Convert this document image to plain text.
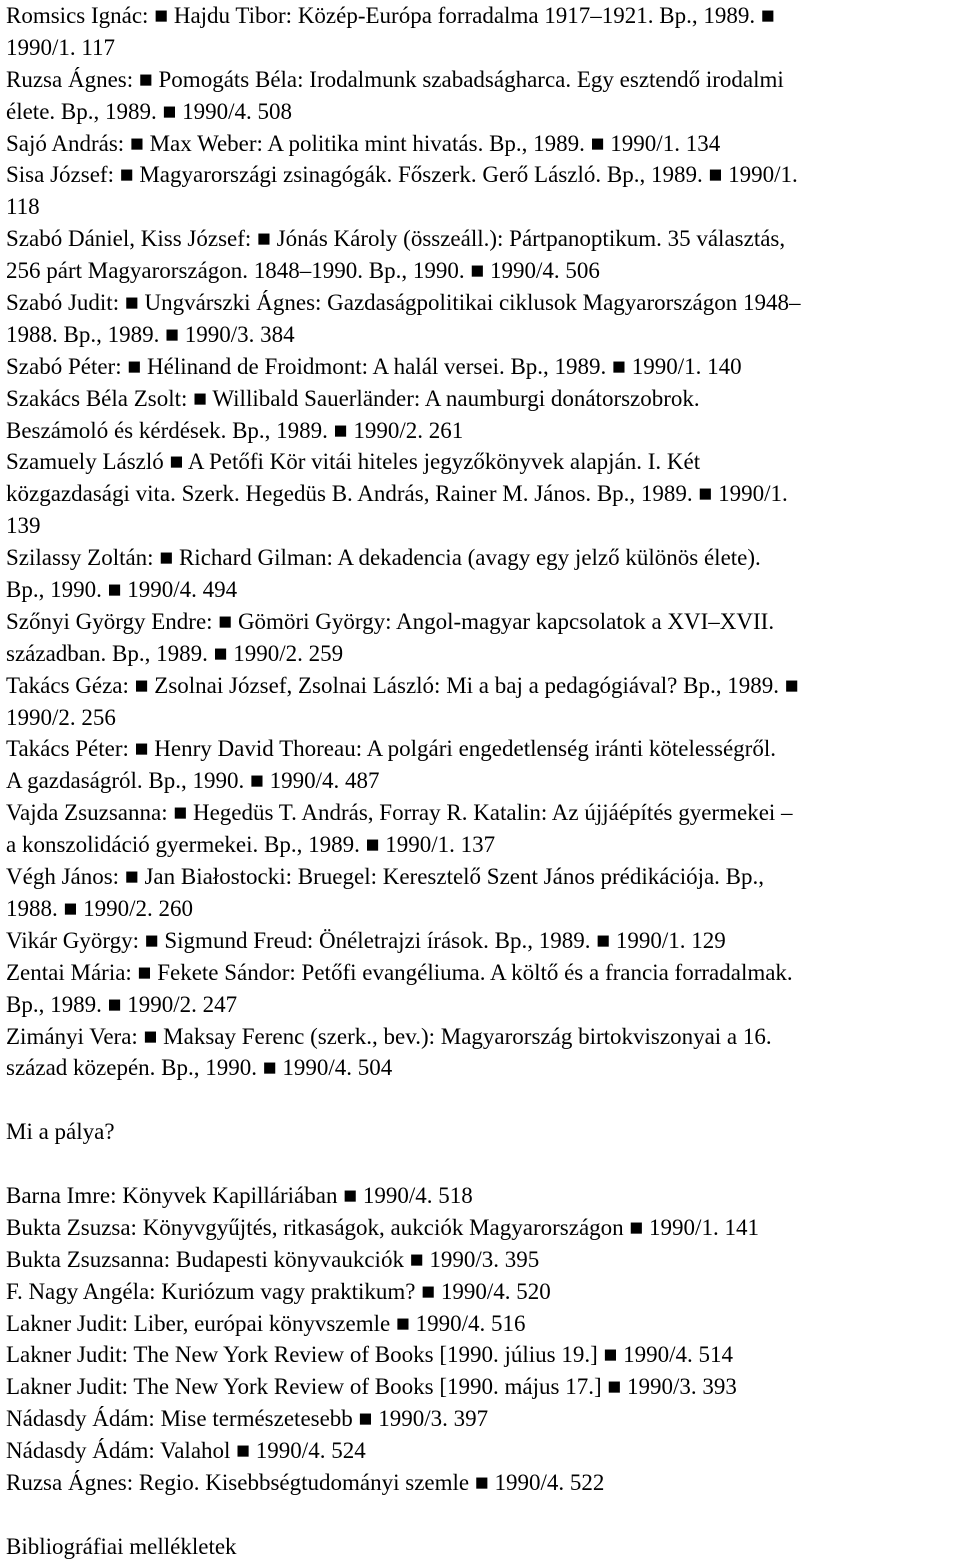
Romsics Ignác: ■ Hajdu Tibor: Közép-Európa forradalma 1917–1921. Bp., 1989. ■
1990/1. 117
Ruzsa Ágnes: ■ Pomogáts Béla: Irodalmunk szabadságharca. Egy esztendő irodalmi
élete. Bp., 1989. ■ 1990/4. 508
Sajó András: ■ Max Weber: A politika mint hivatás. Bp., 1989. ■ 1990/1. 134
Sisa József: ■ Magyarországi zsinagógák. Főszerk. Gerő László. Bp., 1989. ■ 1990/1.
118
Szabó Dániel, Kiss József: ■ Jónás Károly (összeáll.): Pártpanoptikum. 35 választás,
256 párt Magyarországon. 1848–1990. Bp., 1990. ■ 1990/4. 506
Szabó Judit: ■ Ungvárszki Ágnes: Gazdaságpolitikai ciklusok Magyarországon 1948–
1988. Bp., 1989. ■ 1990/3. 384
Szabó Péter: ■ Hélinand de Froidmont: A halál versei. Bp., 1989. ■ 1990/1. 140
Szakács Béla Zsolt: ■ Willibald Sauerländer: A naumburgi donátorszobrok.
Beszámoló és kérdések. Bp., 1989. ■ 1990/2. 261
Szamuely László ■ A Petőfi Kör vitái hiteles jegyzőkönyvek alapján. I. Két
közgazdasági vita. Szerk. Hegedüs B. András, Rainer M. János. Bp., 1989. ■ 1990/1.
139
Szilassy Zoltán: ■ Richard Gilman: A dekadencia (avagy egy jelző különös élete).
Bp., 1990. ■ 1990/4. 494
Szőnyi György Endre: ■ Gömöri György: Angol-magyar kapcsolatok a XVI–XVII.
században. Bp., 1989. ■ 1990/2. 259
Takács Géza: ■ Zsolnai József, Zsolnai László: Mi a baj a pedagógiával? Bp., 1989. ■
1990/2. 256
Takács Péter: ■ Henry David Thoreau: A polgári engedetlenség iránti kötelességről.
A gazdaságról. Bp., 1990. ■ 1990/4. 487
Vajda Zsuzsanna: ■ Hegedüs T. András, Forray R. Katalin: Az újjáépítés gyermekei –
a konszolidáció gyermekei. Bp., 1989. ■ 1990/1. 137
Végh János: ■ Jan Białostocki: Bruegel: Keresztelő Szent János prédikációja. Bp.,
1988. ■ 1990/2. 260
Vikár György: ■ Sigmund Freud: Önéletrajzi írások. Bp., 1989. ■ 1990/1. 129
Zentai Mária: ■ Fekete Sándor: Petőfi evangéliuma. A költő és a francia forradalmak.
Bp., 1989. ■ 1990/2. 247
Zimányi Vera: ■ Maksay Ferenc (szerk., bev.): Magyarország birtokviszonyai a 16.
század közepén. Bp., 1990. ■ 1990/4. 504
Mi a pálya?
Barna Imre: Könyvek Kapilláriában ■ 1990/4. 518
Bukta Zsuzsa: Könyvgyűjtés, ritkaságok, aukciók Magyarországon ■ 1990/1. 141
Bukta Zsuzsanna: Budapesti könyvaukciók ■ 1990/3. 395
F. Nagy Angéla: Kuriózum vagy praktikum? ■ 1990/4. 520
Lakner Judit: Liber, európai könyvszemle ■ 1990/4. 516
Lakner Judit: The New York Review of Books [1990. július 19.] ■ 1990/4. 514
Lakner Judit: The New York Review of Books [1990. május 17.] ■ 1990/3. 393
Nádasdy Ádám: Mise természetesebb ■ 1990/3. 397
Nádasdy Ádám: Valahol ■ 1990/4. 524
Ruzsa Ágnes: Regio. Kisebbségtudományi szemle ■ 1990/4. 522
Bibliográfiai mellékletek
